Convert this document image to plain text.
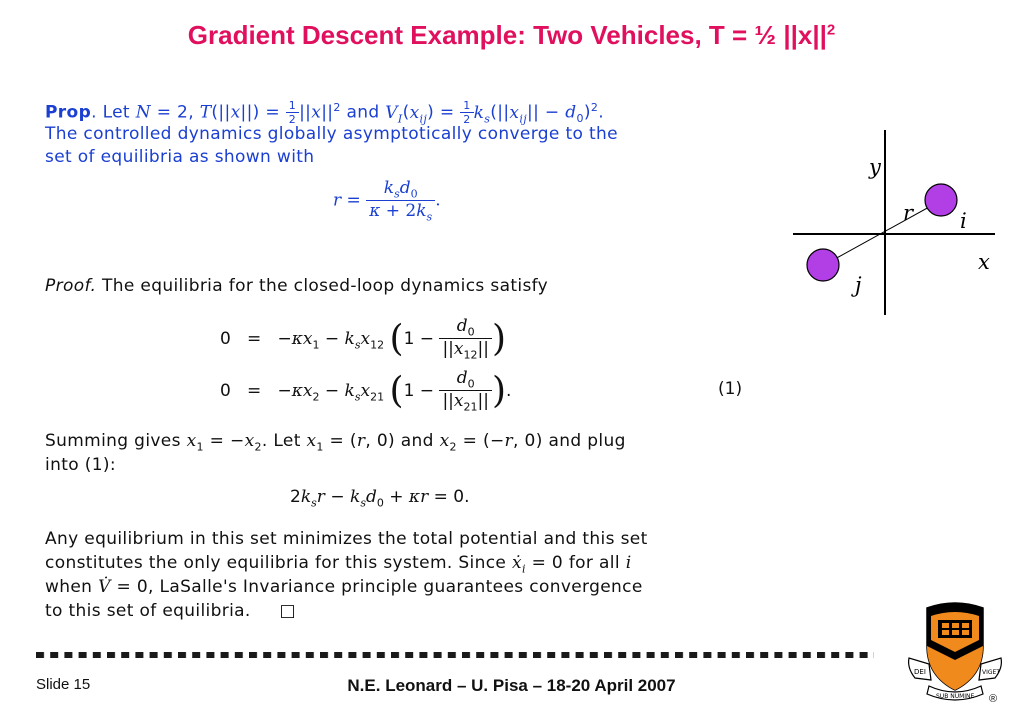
Gradient Descent Example: Two Vehicles, T = ½ $||x||^2$
Prop. Let N = 2, $T(||x||) = \frac{1}{2} ||x||^2$ and $V_I(x_{ij}) = \frac{1}{2} k_s(||x_{ij}|| - d_0)^2$.
The controlled dynamics globally asymptotically converge to the
set of equilibria as shown with
$r = \frac{k_sd_0}{\kappa + 2k_s}$ .
Proof. The equilibria for the closed-loop dynamics satisfy
$0 = -\kappa x_1 - k_sx_{12}$ ($1 - \frac{d_0}{||x_{12}||}$ )
$0 = -\kappa x_2 - k_sx_{21}$ ($1 - \frac{d_0}{||x_{21}||}$ ).	(1)
Summing gives $x_1 = -x_2$. Let $x_1 = (r$, 0) and $x_2 = (-r$, 0) and plug
into (1):
$2k_sr - k_sd_0 + \kappa r = 0$.
Any equilibrium in this set minimizes the total potential and this set
constitutes the only equilibria for this system. Since ẋ$_i$ = 0 for all i
when V̇ = 0, LaSalle's Invariance principle guarantees convergence
to this set of equilibria. □
y
x
r i
j
DEI	VIGET
SUB NUMINE ®
Slide 15	N.E. Leonard – U. Pisa – 18-20 April 2007
